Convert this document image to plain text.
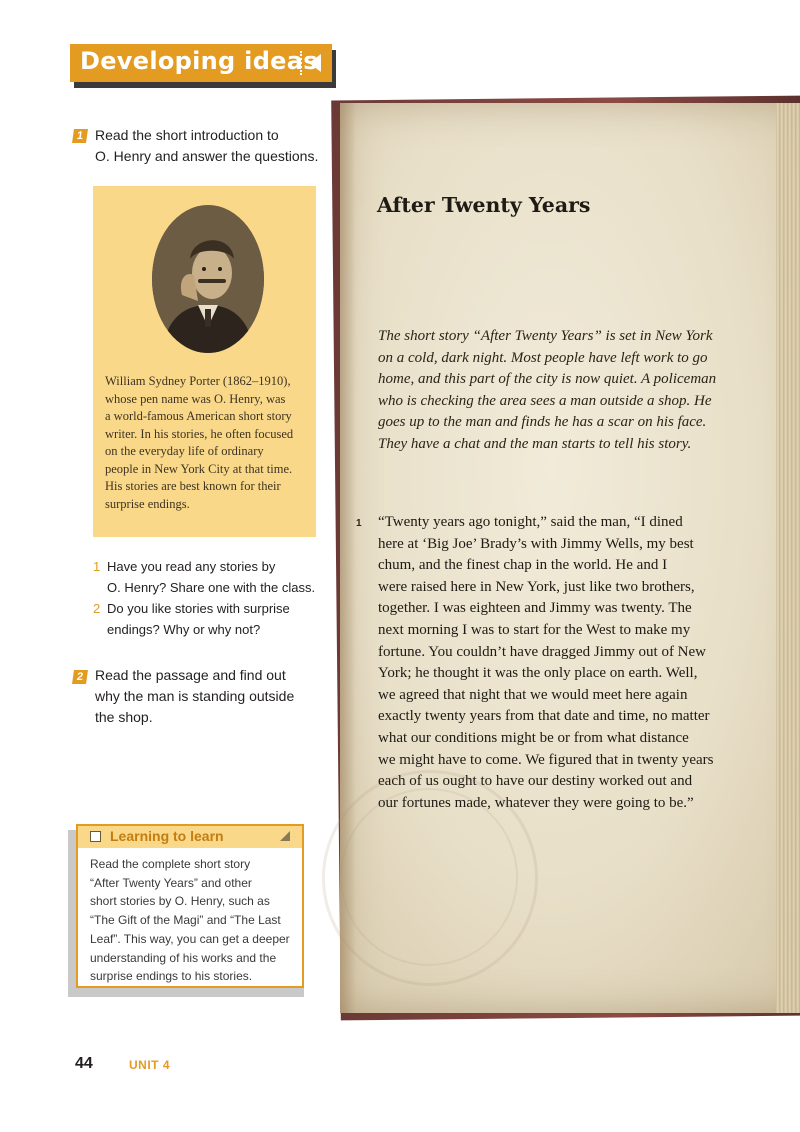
Developing ideas
1 Read the short introduction to
O. Henry and answer the questions.
William Sydney Porter (1862–1910),
whose pen name was O. Henry, was
a world-famous American short story
writer. In his stories, he often focused
on the everyday life of ordinary
people in New York City at that time.
His stories are best known for their
surprise endings.
1 Have you read any stories by
O. Henry? Share one with the class.
2 Do you like stories with surprise
endings? Why or why not?
2 Read the passage and find out
why the man is standing outside
the shop.
Learning to learn
Read the complete short story
“After Twenty Years” and other
short stories by O. Henry, such as
“The Gift of the Magi” and “The Last
Leaf”. This way, you can get a deeper
understanding of his works and the
surprise endings to his stories.
44	UNIT 4
After Twenty Years
The short story “After Twenty Years” is set in New York
on a cold, dark night. Most people have left work to go
home, and this part of the city is now quiet. A policeman
who is checking the area sees a man outside a shop. He
goes up to the man and finds he has a scar on his face.
They have a chat and the man starts to tell his story.
1 “Twenty years ago tonight,” said the man, “I dined
here at ‘Big Joe’ Brady’s with Jimmy Wells, my best
chum, and the finest chap in the world. He and I
were raised here in New York, just like two brothers,
together. I was eighteen and Jimmy was twenty. The
next morning I was to start for the West to make my
fortune. You couldn’t have dragged Jimmy out of New
York; he thought it was the only place on earth. Well,
we agreed that night that we would meet here again
exactly twenty years from that date and time, no matter
what our conditions might be or from what distance
we might have to come. We figured that in twenty years
each of us ought to have our destiny worked out and
our fortunes made, whatever they were going to be.”
